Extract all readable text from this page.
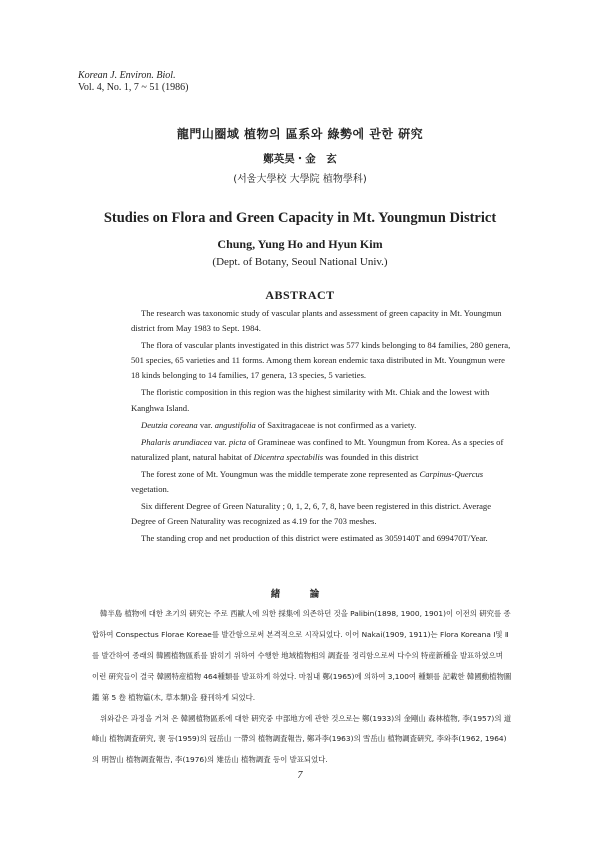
Korean J. Environ. Biol.
Vol. 4, No. 1, 7 ~ 51 (1986)
龍門山圈域 植物의 區系와 綠勢에 관한 硏究
鄭英昊・金　玄
(서울大學校 大學院 植物學科)
Studies on Flora and Green Capacity in Mt. Youngmun District
Chung, Yung Ho and Hyun Kim
(Dept. of Botany, Seoul National Univ.)
ABSTRACT

The research was taxonomic study of vascular plants and assessment of green capacity in Mt. Youngmun district from May 1983 to Sept. 1984.

The flora of vascular plants investigated in this district was 577 kinds belonging to 84 families, 280 genera, 501 species, 65 varieties and 11 forms. Among them korean endemic taxa distributed in Mt. Youngmun were 18 kinds belonging to 14 families, 17 genera, 13 species, 5 varieties.

The floristic composition in this region was the highest similarity with Mt. Chiak and the lowest with Kanghwa Island.

Deutzia coreana var. angustifolia of Saxitragaceae is not confirmed as a variety.

Phalaris arundiacea var. picta of Gramineae was confined to Mt. Youngmun from Korea. As a species of naturalized plant, natural habitat of Dicentra spectabilis was founded in this district

The forest zone of Mt. Youngmun was the middle temperate zone represented as Carpinus-Quercus vegetation.

Six different Degree of Green Naturality ; 0, 1, 2, 6, 7, 8, have been registered in this district. Average Degree of Green Naturality was recognized as 4.19 for the 703 meshes.

The standing crop and net production of this district were estimated as 3059140T and 699470T/Year.

緒　論

韓半島 植物에 대한 초기의 硏究는 주로 西歐人에 의한 採集에 의존하던 것을 Palibin(1898, 1900, 1901)이 이전의 硏究를 종합하여 Conspectus Florae Koreae를 발간함으로써 본격적으로 시작되었다. 이어 Nakai(1909, 1911)는 Flora Koreana Ⅰ및 Ⅱ를 발간하여 종래의 韓國植物區系를 밝히기 위하여 수행한 地域植物相의 調査를 정리함으로써 다수의 特産新種을 발표하였으며 이런 硏究들이 결국 韓國特産植物 464種類를 발표하게 하였다. 마침내 鄭(1965)에 의하여 3,100여 種類를 記載한 韓國動植物圖鑑 第 5 卷 植物篇(木, 草本類)을 發刊하게 되었다.

위와같은 과정을 거쳐 온 韓國植物區系에 대한 硏究중 中部地方에 관한 것으로는 鄭(1933)의 金剛山 森林植物, 李(1957)의 道峰山 植物調査硏究, 裵 등(1959)의 冠岳山 一帶의 植物調査報告, 鄭과李(1963)의 雪岳山 植物調査硏究, 李와李(1962, 1964)의 明智山 植物調査報告, 李(1976)의 雉岳山 植物調査 등이 발표되었다.

7
